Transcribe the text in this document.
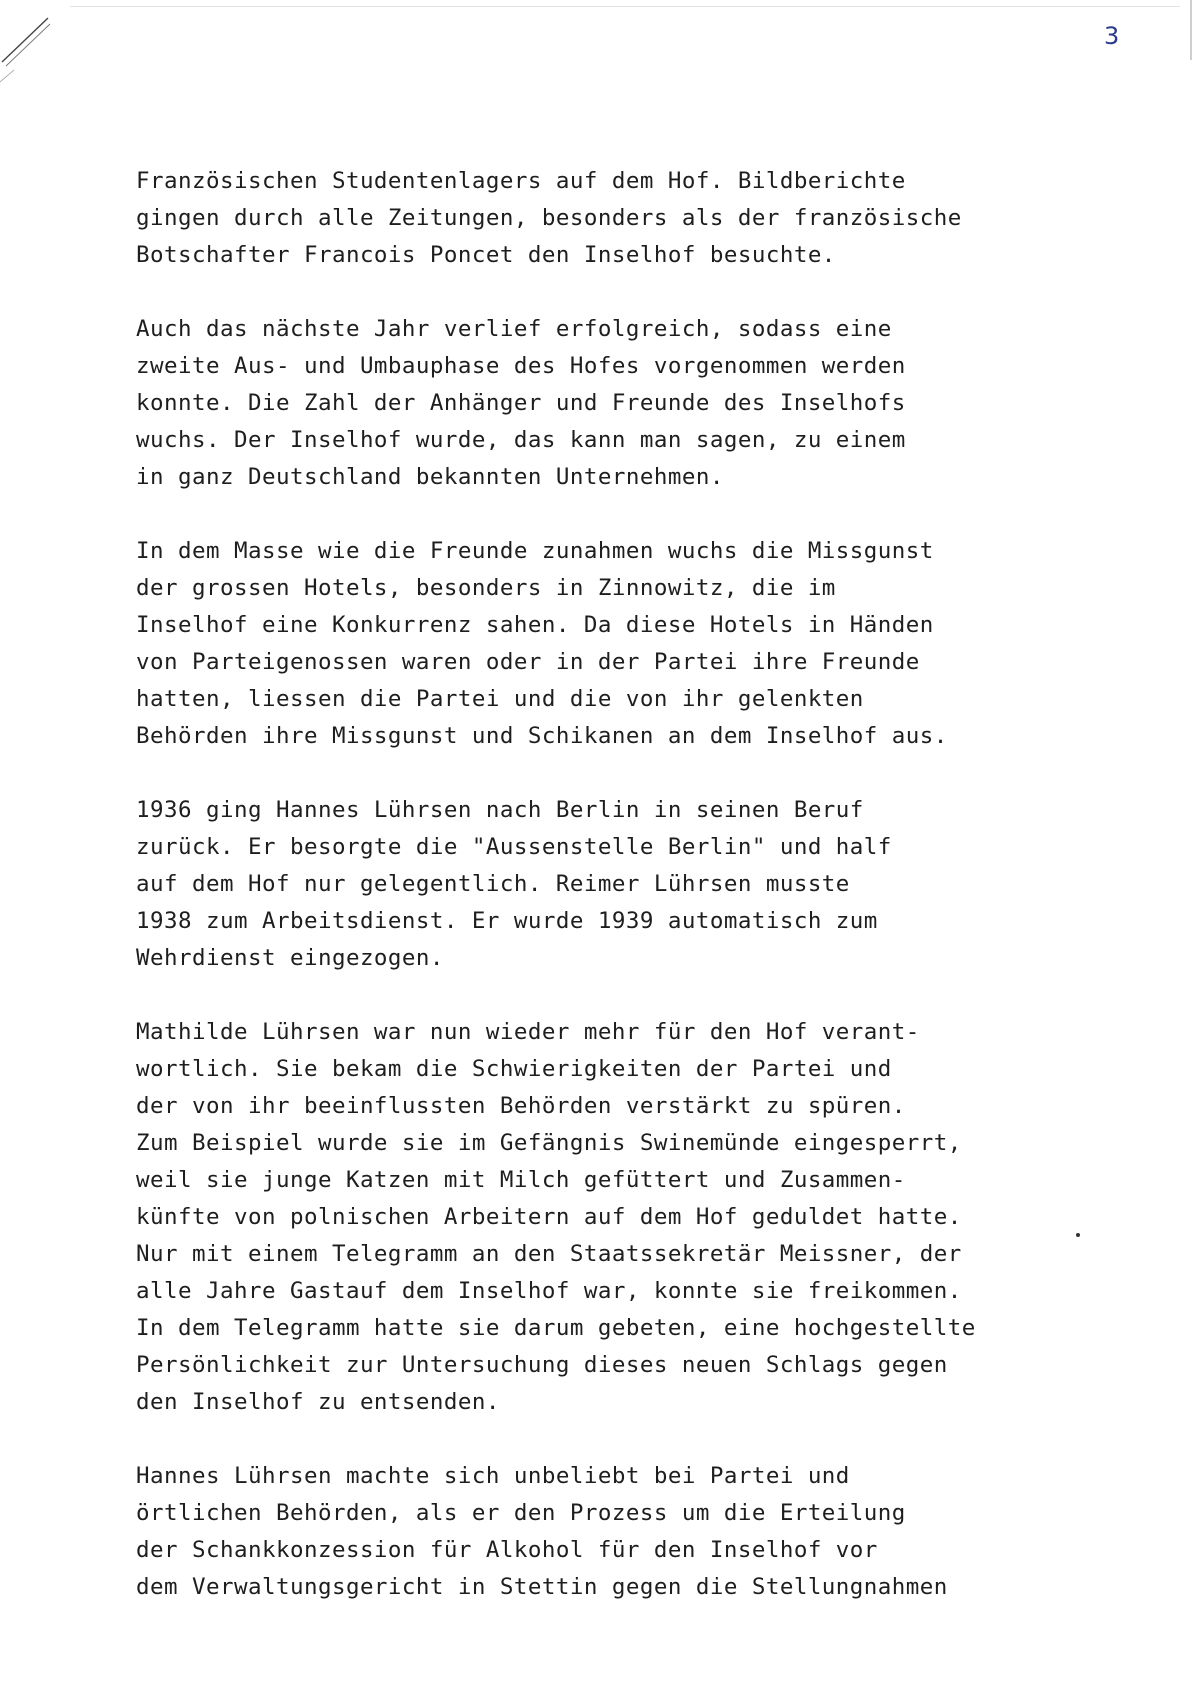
3
Französischen Studentenlagers auf dem Hof. Bildberichte
gingen durch alle Zeitungen, besonders als der französische
Botschafter Francois Poncet den Inselhof besuchte.
Auch das nächste Jahr verlief erfolgreich, sodass eine
zweite Aus- und Umbauphase des Hofes vorgenommen werden
konnte. Die Zahl der Anhänger und Freunde des Inselhofs
wuchs. Der Inselhof wurde, das kann man sagen, zu einem
in ganz Deutschland bekannten Unternehmen.
In dem Masse wie die Freunde zunahmen wuchs die Missgunst
der grossen Hotels, besonders in Zinnowitz, die im
Inselhof eine Konkurrenz sahen. Da diese Hotels in Händen
von Parteigenossen waren oder in der Partei ihre Freunde
hatten, liessen die Partei und die von ihr gelenkten
Behörden ihre Missgunst und Schikanen an dem Inselhof aus.
1936 ging Hannes Lührsen nach Berlin in seinen Beruf
zurück. Er besorgte die "Aussenstelle Berlin" und half
auf dem Hof nur gelegentlich. Reimer Lührsen musste
1938 zum Arbeitsdienst. Er wurde 1939 automatisch zum
Wehrdienst eingezogen.
Mathilde Lührsen war nun wieder mehr für den Hof verant-
wortlich. Sie bekam die Schwierigkeiten der Partei und
der von ihr beeinflussten Behörden verstärkt zu spüren.
Zum Beispiel wurde sie im Gefängnis Swinemünde eingesperrt,
weil sie junge Katzen mit Milch gefüttert und Zusammen-
künfte von polnischen Arbeitern auf dem Hof geduldet hatte.
Nur mit einem Telegramm an den Staatssekretär Meissner, der
alle Jahre Gastauf dem Inselhof war, konnte sie freikommen.
In dem Telegramm hatte sie darum gebeten, eine hochgestellte
Persönlichkeit zur Untersuchung dieses neuen Schlags gegen
den Inselhof zu entsenden.
Hannes Lührsen machte sich unbeliebt bei Partei und
örtlichen Behörden, als er den Prozess um die Erteilung
der Schankkonzession für Alkohol für den Inselhof vor
dem Verwaltungsgericht in Stettin gegen die Stellungnahmen
